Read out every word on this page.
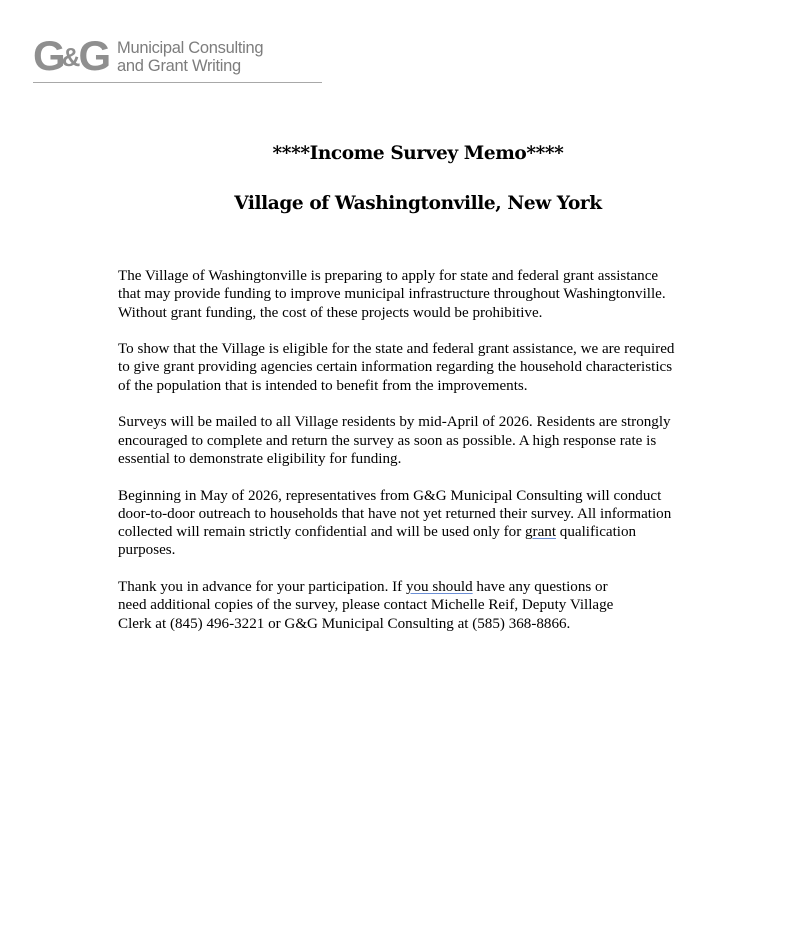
G&G Municipal Consulting
and Grant Writing
****Income Survey Memo****
Village of Washingtonville, New York

The Village of Washingtonville is preparing to apply for state and federal grant assistance
that may provide funding to improve municipal infrastructure throughout Washingtonville.
Without grant funding, the cost of these projects would be prohibitive.

To show that the Village is eligible for the state and federal grant assistance, we are required
to give grant providing agencies certain information regarding the household characteristics
of the population that is intended to benefit from the improvements.

Surveys will be mailed to all Village residents by mid-April of 2026. Residents are strongly
encouraged to complete and return the survey as soon as possible. A high response rate is
essential to demonstrate eligibility for funding.

Beginning in May of 2026, representatives from G&G Municipal Consulting will conduct
door-to-door outreach to households that have not yet returned their survey. All information
collected will remain strictly confidential and will be used only for grant qualification
purposes.

Thank you in advance for your participation. If you should have any questions or
need additional copies of the survey, please contact Michelle Reif, Deputy Village
Clerk at (845) 496-3221 or G&G Municipal Consulting at (585) 368-8866.
